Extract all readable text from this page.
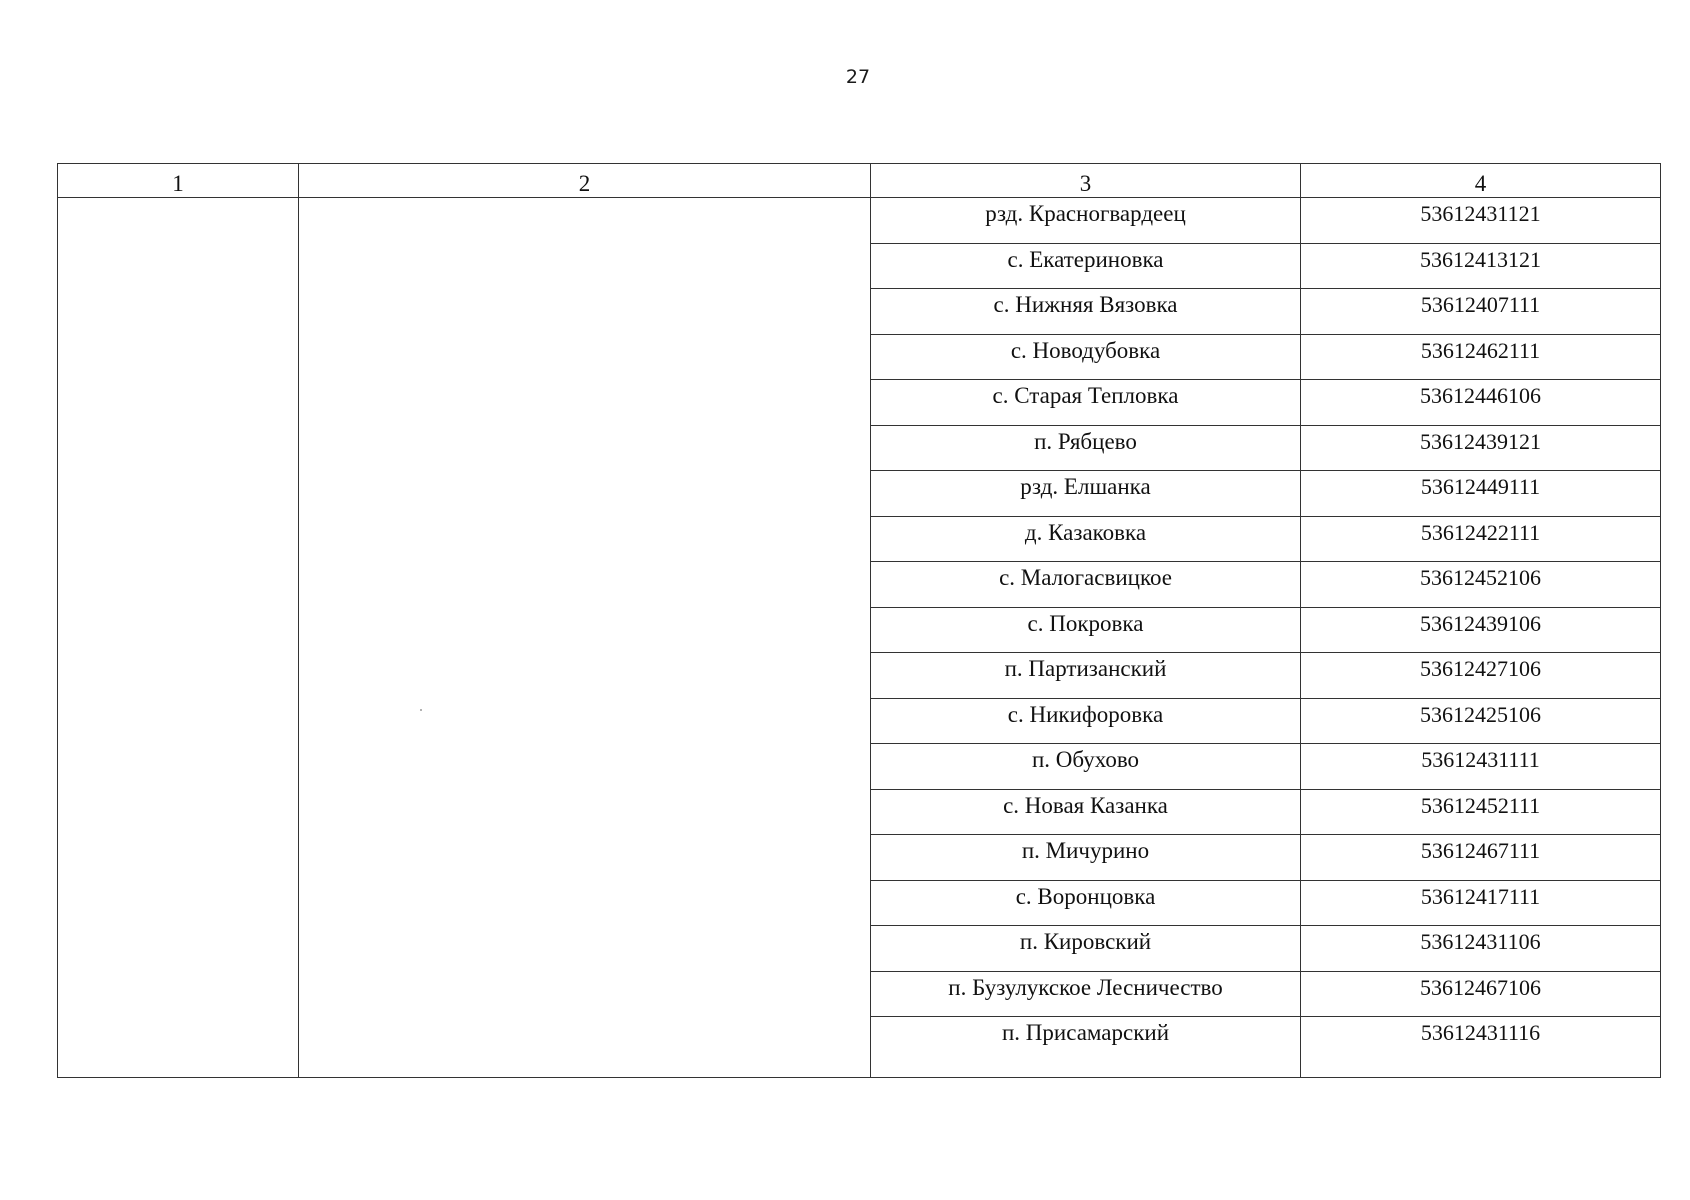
27
1	2	3	4
		рзд. Красногвардеец	53612431121
		с. Екатериновка	53612413121
		с. Нижняя Вязовка	53612407111
		с. Новодубовка	53612462111
		с. Старая Тепловка	53612446106
		п. Рябцево	53612439121
		рзд. Елшанка	53612449111
		д. Казаковка	53612422111
		с. Малогасвицкое	53612452106
		с. Покровка	53612439106
		п. Партизанский	53612427106
		с. Никифоровка	53612425106
		п. Обухово	53612431111
		с. Новая Казанка	53612452111
		п. Мичурино	53612467111
		с. Воронцовка	53612417111
		п. Кировский	53612431106
		п. Бузулукское Лесничество	53612467106
		п. Присамарский	53612431116
